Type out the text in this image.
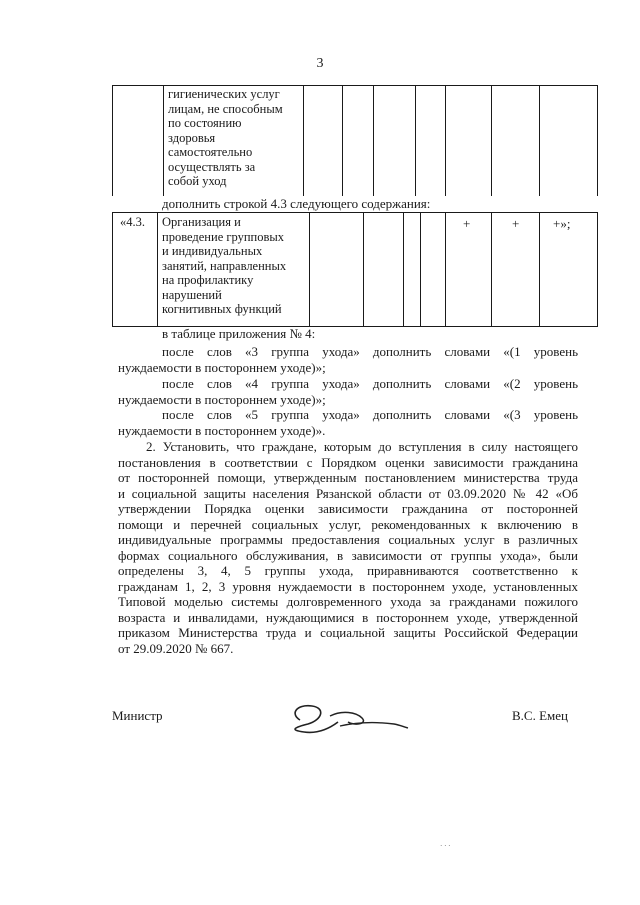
3
гигиенических услуг
лицам, не способным
по состоянию
здоровья
самостоятельно
осуществлять за
собой уход
дополнить строкой 4.3 следующего содержания:
«4.3. Организация и
проведение групповых
и индивидуальных
занятий, направленных
на профилактику
нарушений
когнитивных функций
+	+	+»;
в таблице приложения № 4:
после слов «3 группа ухода» дополнить словами «(1 уровень
нуждаемости в постороннем уходе)»;
после слов «4 группа ухода» дополнить словами «(2 уровень
нуждаемости в постороннем уходе)»;
после слов «5 группа ухода» дополнить словами «(3 уровень
нуждаемости в постороннем уходе)».
2. Установить, что граждане, которым до вступления в силу настоящего
постановления в соответствии с Порядком оценки зависимости гражданина
от посторонней помощи, утвержденным постановлением министерства труда
и социальной защиты населения Рязанской области от 03.09.2020 № 42 «Об
утверждении Порядка оценки зависимости гражданина от посторонней
помощи и перечней социальных услуг, рекомендованных к включению в
индивидуальные программы предоставления социальных услуг в различных
формах социального обслуживания, в зависимости от группы ухода», были
определены 3, 4, 5 группы ухода, приравниваются соответственно к
гражданам 1, 2, 3 уровня нуждаемости в постороннем уходе, установленных
Типовой моделью системы долговременного ухода за гражданами пожилого
возраста и инвалидами, нуждающимися в постороннем уходе, утвержденной
приказом Министерства труда и социальной защиты Российской Федерации
от 29.09.2020 № 667.
Министр	В.С. Емец
· · ·
